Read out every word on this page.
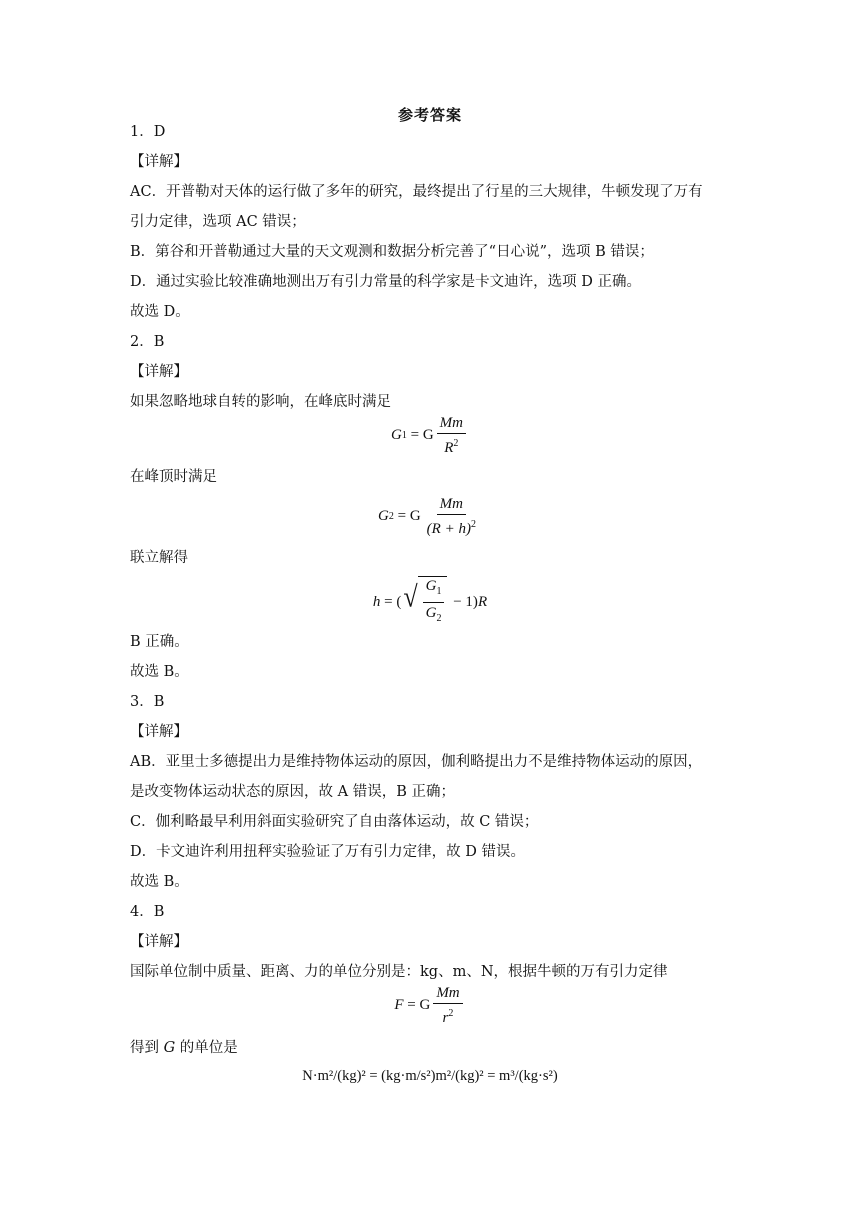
参考答案
1．D
【详解】
AC．开普勒对天体的运行做了多年的研究，最终提出了行星的三大规律，牛顿发现了万有
引力定律，选项 AC 错误；
B．第谷和开普勒通过大量的天文观测和数据分析完善了“日心说”，选项 B 错误；
D．通过实验比较准确地测出万有引力常量的科学家是卡文迪许，选项 D 正确。
故选 D。
2．B
【详解】
如果忽略地球自转的影响，在峰底时满足
G 1 = G $\frac{Mm}{R^2}$
在峰顶时满足
G 2 = G $\frac{Mm}{(R + h)^2}$
联立解得
h = ( √ $\frac{G_1}{G_2} - 1$) R
B 正确。
故选 B。
3．B
【详解】
AB．亚里士多德提出力是维持物体运动的原因，伽利略提出力不是维持物体运动的原因，
是改变物体运动状态的原因，故 A 错误，B 正确；
C．伽利略最早利用斜面实验研究了自由落体运动，故 C 错误；
D．卡文迪许利用扭秤实验验证了万有引力定律，故 D 错误。
故选 B。
4．B
【详解】
国际单位制中质量、距离、力的单位分别是：kg、m、N，根据牛顿的万有引力定律
F = G $\frac{Mm}{r^2}$
得到 G 的单位是
N·m²/(kg)² = (kg·m/s²)m²/(kg)² = m³/(kg·s²)
